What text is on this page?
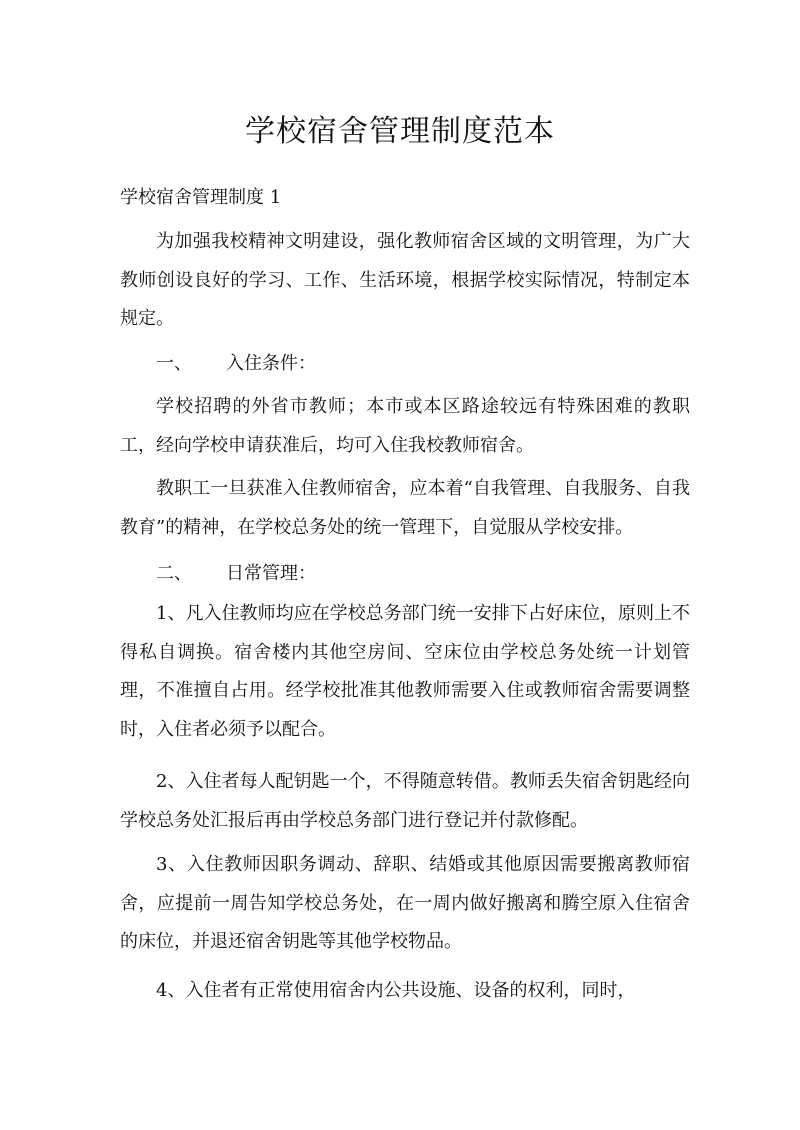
学校宿舍管理制度范本
学校宿舍管理制度 1
为加强我校精神文明建设，强化教师宿舍区域的文明管理，为广大教师创设良好的学习、工作、生活环境，根据学校实际情况，特制定本规定。
一、 入住条件：
学校招聘的外省市教师；本市或本区路途较远有特殊困难的教职工，经向学校申请获准后，均可入住我校教师宿舍。
教职工一旦获准入住教师宿舍，应本着“自我管理、自我服务、自我教育”的精神，在学校总务处的统一管理下，自觉服从学校安排。
二、 日常管理：
1、凡入住教师均应在学校总务部门统一安排下占好床位，原则上不得私自调换。宿舍楼内其他空房间、空床位由学校总务处统一计划管理，不准擅自占用。经学校批准其他教师需要入住或教师宿舍需要调整时，入住者必须予以配合。
2、入住者每人配钥匙一个，不得随意转借。教师丢失宿舍钥匙经向学校总务处汇报后再由学校总务部门进行登记并付款修配。
3、入住教师因职务调动、辞职、结婚或其他原因需要搬离教师宿舍，应提前一周告知学校总务处，在一周内做好搬离和腾空原入住宿舍的床位，并退还宿舍钥匙等其他学校物品。
4、入住者有正常使用宿舍内公共设施、设备的权利，同时，
